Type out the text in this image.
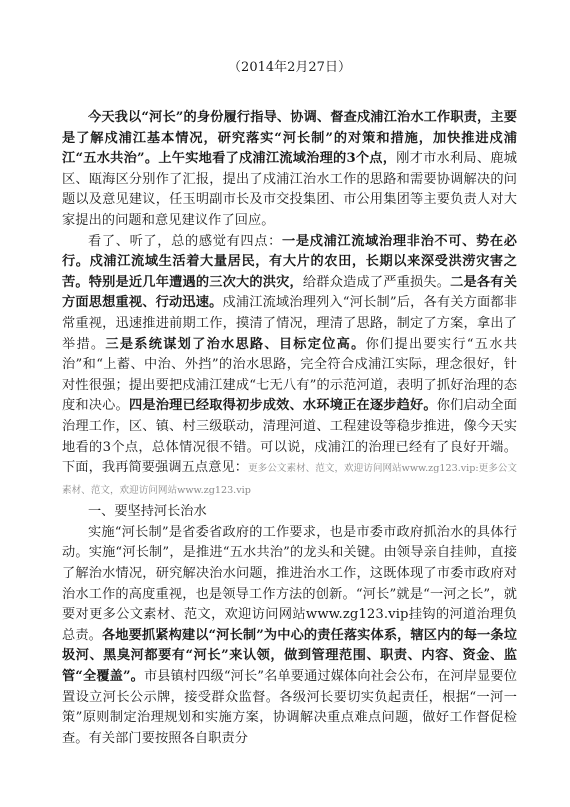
（2014年2月27日）

今天我以“河长”的身份履行指导、协调、督查戍浦江治水工作职责，主要是了解戍浦江基本情况，研究落实“河长制”的对策和措施，加快推进戍浦江“五水共治”。上午实地看了戍浦江流域治理的3个点，刚才市水利局、鹿城区、瓯海区分别作了汇报，提出了戍浦江治水工作的思路和需要协调解决的问题以及意见建议，任玉明副市长及市交投集团、市公用集团等主要负责人对大家提出的问题和意见建议作了回应。

看了、听了，总的感觉有四点：一是戍浦江流域治理非治不可、势在必行。戍浦江流域生活着大量居民，有大片的农田，长期以来深受洪涝灾害之苦。特别是近几年遭遇的三次大的洪灾，给群众造成了严重损失。二是各有关方面思想重视、行动迅速。戍浦江流域治理列入“河长制”后，各有关方面都非常重视，迅速推进前期工作，摸清了情况，理清了思路，制定了方案，拿出了举措。三是系统谋划了治水思路、目标定位高。你们提出要实行“五水共治”和“上蓄、中治、外挡”的治水思路，完全符合戍浦江实际，理念很好，针对性很强；提出要把戍浦江建成“七无八有”的示范河道，表明了抓好治理的态度和决心。四是治理已经取得初步成效、水环境正在逐步趋好。你们启动全面治理工作，区、镇、村三级联动，清理河道、工程建设等稳步推进，像今天实地看的3个点，总体情况很不错。可以说，戍浦江的治理已经有了良好开端。下面，我再简要强调五点意见：更多公文素材、范文，欢迎访问网站www.zg123.vip:更多公文素材、范文，欢迎访问网站www.zg123.vip

一、要坚持河长治水

实施“河长制”是省委省政府的工作要求，也是市委市政府抓治水的具体行动。实施“河长制”，是推进“五水共治”的龙头和关键。由领导亲自挂帅，直接了解治水情况，研究解决治水问题，推进治水工作，这既体现了市委市政府对治水工作的高度重视，也是领导工作方法的创新。“河长”就是“一河之长”，就要对更多公文素材、范文，欢迎访问网站www.zg123.vip挂钩的河道治理负总责。各地要抓紧构建以“河长制”为中心的责任落实体系，辖区内的每一条垃圾河、黑臭河都要有“河长”来认领，做到管理范围、职责、内容、资金、监管“全覆盖”。市县镇村四级“河长”名单要通过媒体向社会公布，在河岸显要位置设立河长公示牌，接受群众监督。各级河长要切实负起责任，根据“一河一策”原则制定治理规划和实施方案，协调解决重点难点问题，做好工作督促检查。有关部门要按照各自职责分
